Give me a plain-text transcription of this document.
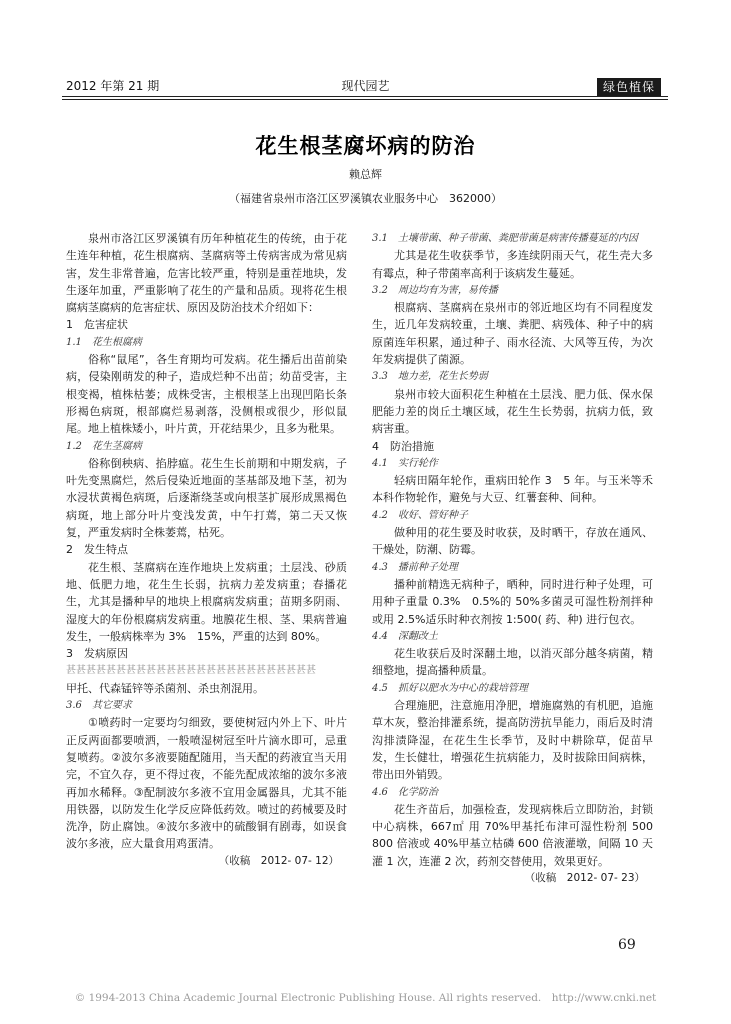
2012 年第 21 期	现代园艺	绿色植保
花生根茎腐坏病的防治
赖总辉
（福建省泉州市洛江区罗溪镇农业服务中心　362000）

泉州市洛江区罗溪镇有历年种植花生的传统，由于花生连年种植，花生根腐病、茎腐病等土传病害成为常见病害，发生非常普遍，危害比较严重，特别是重茬地块，发生逐年加重，严重影响了花生的产量和品质。现将花生根腐病茎腐病的危害症状、原因及防治技术介绍如下：

1　危害症状

1.1　花生根腐病

俗称“鼠尾”，各生育期均可发病。花生播后出苗前染病，侵染刚萌发的种子，造成烂种不出苗；幼苗受害，主根变褐，植株枯萎；成株受害，主根根茎上出现凹陷长条形褐色病斑，根部腐烂易剥落，没侧根或很少，形似鼠尾。地上植株矮小，叶片黄，开花结果少，且多为秕果。

1.2　花生茎腐病

俗称倒秧病、掐脖瘟。花生生长前期和中期发病，子叶先变黑腐烂，然后侵染近地面的茎基部及地下茎，初为水浸状黄褐色病斑，后逐渐绕茎或向根茎扩展形成黑褐色病斑，地上部分叶片变浅发黄，中午打蔫，第二天又恢复，严重发病时全株萎蔫，枯死。

2　发生特点

花生根、茎腐病在连作地块上发病重；土层浅、砂质地、低肥力地，花生生长弱，抗病力差发病重；春播花生，尤其是播种早的地块上根腐病发病重；苗期多阴雨、湿度大的年份根腐病发病重。地膜花生根、茎、果病普遍发生，一般病株率为 3%　15%，严重的达到 80%。

3　发病原因

甚甚甚甚甚甚甚甚甚甚甚甚甚甚甚甚甚甚甚甚甚甚甚甚甚

甲托、代森锰锌等杀菌剂、杀虫剂混用。

3.6　其它要求

①喷药时一定要均匀细致，要使树冠内外上下、叶片正反两面都要喷洒，一般喷湿树冠至叶片滴水即可，忌重复喷药。②波尔多液要随配随用，当天配的药液宜当天用完，不宜久存，更不得过夜，不能先配成浓缩的波尔多液再加水稀释。③配制波尔多液不宜用金属器具，尤其不能用铁器，以防发生化学反应降低药效。喷过的药械要及时洗净，防止腐蚀。④波尔多液中的硫酸铜有剧毒，如误食波尔多液，应大量食用鸡蛋清。

（收稿　2012- 07- 12）

3.1　土壤带菌、种子带菌、粪肥带菌是病害传播蔓延的内因

尤其是花生收获季节，多连续阴雨天气，花生壳大多有霉点，种子带菌率高利于该病发生蔓延。

3.2　周边均有为害，易传播

根腐病、茎腐病在泉州市的邻近地区均有不同程度发生，近几年发病较重，土壤、粪肥、病残体、种子中的病原菌连年积累，通过种子、雨水径流、大风等互传，为次年发病提供了菌源。

3.3　地力差，花生长势弱

泉州市较大面积花生种植在土层浅、肥力低、保水保肥能力差的岗丘土壤区域，花生生长势弱，抗病力低，致病害重。

4　防治措施

4.1　实行轮作

轻病田隔年轮作，重病田轮作 3　5 年。与玉米等禾本科作物轮作，避免与大豆、红薯套种、间种。

4.2　收好、管好种子

做种用的花生要及时收获，及时晒干，存放在通风、干燥处，防潮、防霉。

4.3　播前种子处理

播种前精选无病种子，晒种，同时进行种子处理，可用种子重量 0.3%　0.5%的 50%多菌灵可湿性粉剂拌种或用 2.5%适乐时种衣剂按 1:500( 药、种) 进行包衣。

4.4　深翻改土

花生收获后及时深翻土地，以消灭部分越冬病菌，精细整地，提高播种质量。

4.5　抓好以肥水为中心的栽培管理

合理施肥，注意施用净肥，增施腐熟的有机肥，追施草木灰，整治排灌系统，提高防涝抗旱能力，雨后及时清沟排渍降湿，在花生生长季节，及时中耕除草，促苗早发，生长健壮，增强花生抗病能力，及时拔除田间病株，带出田外销毁。

4.6　化学防治

花生齐苗后，加强检查，发现病株后立即防治，封锁中心病株，667㎡ 用 70%甲基托布津可湿性粉剂 500　800 倍液或 40%甲基立枯磷 600 倍液灌墩，间隔 10 天灌 1 次，连灌 2 次，药剂交替使用，效果更好。

（收稿　2012- 07- 23）

69
© 1994-2013 China Academic Journal Electronic Publishing House. All rights reserved.　http://www.cnki.net
